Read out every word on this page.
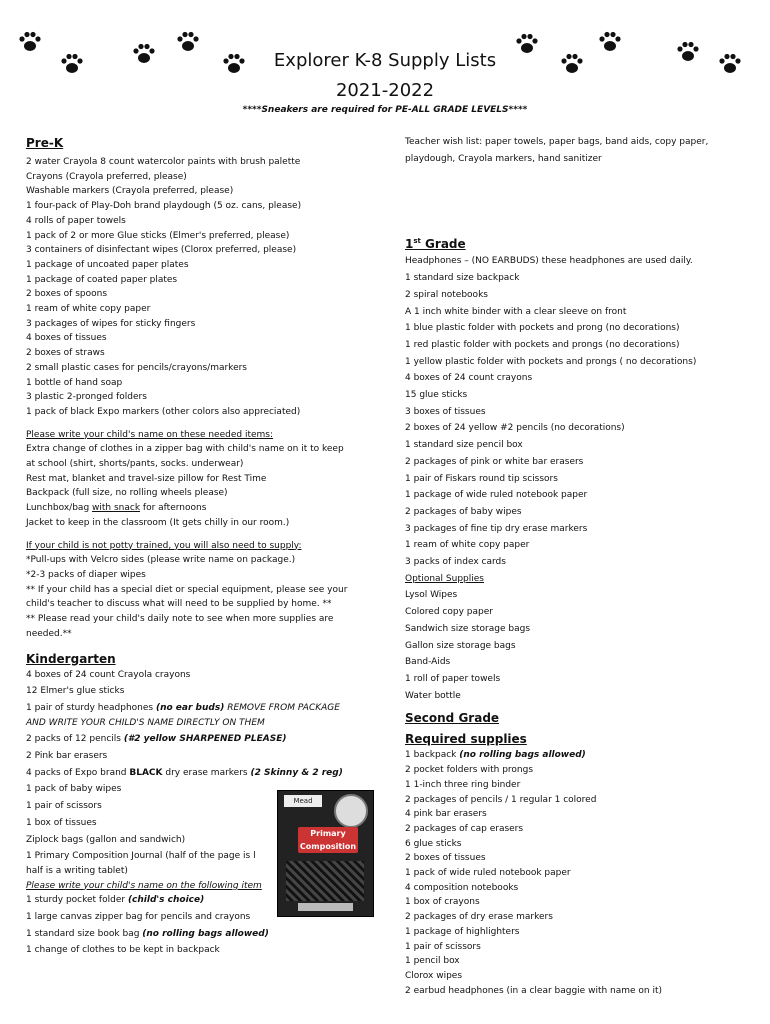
Explorer K-8 Supply Lists
2021-2022
****Sneakers are required for PE-ALL GRADE LEVELS****
Pre-K
2 water Crayola 8 count watercolor paints with brush palette
Crayons (Crayola preferred, please)
Washable markers (Crayola preferred, please)
1 four-pack of Play-Doh brand playdough (5 oz. cans, please)
4 rolls of paper towels
1 pack of 2 or more Glue sticks (Elmer's preferred, please)
3 containers of disinfectant wipes (Clorox preferred, please)
1 package of uncoated paper plates
1 package of coated paper plates
2 boxes of spoons
1 ream of white copy paper
3 packages of wipes for sticky fingers
4 boxes of tissues
2 boxes of straws
2 small plastic cases for pencils/crayons/markers
1 bottle of hand soap
3 plastic 2-pronged folders
1 pack of black Expo markers (other colors also appreciated)
Please write your child's name on these needed items:
Extra change of clothes in a zipper bag with child's name on it to keep
at school (shirt, shorts/pants, socks. underwear)
Rest mat, blanket and travel-size pillow for Rest Time
Backpack (full size, no rolling wheels please)
Lunchbox/bag with snack for afternoons
Jacket to keep in the classroom (It gets chilly in our room.)
If your child is not potty trained, you will also need to supply:
*Pull-ups with Velcro sides (please write name on package.)
*2-3 packs of diaper wipes
** If your child has a special diet or special equipment, please see your
child's teacher to discuss what will need to be supplied by home. **
** Please read your child's daily note to see when more supplies are
needed.**
Kindergarten
4 boxes of 24 count Crayola crayons
12 Elmer's glue sticks
1 pair of sturdy headphones (no ear buds) REMOVE FROM PACKAGE
AND WRITE YOUR CHILD'S NAME DIRECTLY ON THEM
2 packs of 12 pencils (#2 yellow SHARPENED PLEASE)
2 Pink bar erasers
4 packs of Expo brand BLACK dry erase markers (2 Skinny & 2 reg)
1 pack of baby wipes
1 pair of scissors
1 box of tissues
Ziplock bags (gallon and sandwich)
1 Primary Composition Journal (half of the page is l
half is a writing tablet)
Please write your child's name on the following item
1 sturdy pocket folder (child's choice)
1 large canvas zipper bag for pencils and crayons
1 standard size book bag (no rolling bags allowed)
1 change of clothes to be kept in backpack
Mead
Primary Composition
Teacher wish list: paper towels, paper bags, band aids, copy paper,
playdough, Crayola markers, hand sanitizer
1st Grade
Headphones – (NO EARBUDS) these headphones are used daily.
1 standard size backpack
2 spiral notebooks
A 1 inch white binder with a clear sleeve on front
1 blue plastic folder with pockets and prong (no decorations)
1 red plastic folder with pockets and prongs (no decorations)
1 yellow plastic folder with pockets and prongs ( no decorations)
4 boxes of 24 count crayons
15 glue sticks
3 boxes of tissues
2 boxes of 24 yellow #2 pencils (no decorations)
1 standard size pencil box
2 packages of pink or white bar erasers
1 pair of Fiskars round tip scissors
1 package of wide ruled notebook paper
2 packages of baby wipes
3 packages of fine tip dry erase markers
1 ream of white copy paper
3 packs of index cards
Optional Supplies
Lysol Wipes
Colored copy paper
Sandwich size storage bags
Gallon size storage bags
Band-Aids
1 roll of paper towels
Water bottle
Second Grade
Required supplies
1 backpack (no rolling bags allowed)
2 pocket folders with prongs
1 1-inch three ring binder
2 packages of pencils / 1 regular 1 colored
4 pink bar erasers
2 packages of cap erasers
6 glue sticks
2 boxes of tissues
1 pack of wide ruled notebook paper
4 composition notebooks
1 box of crayons
2 packages of dry erase markers
1 package of highlighters
1 pair of scissors
1 pencil box
Clorox wipes
2 earbud headphones (in a clear baggie with name on it)
